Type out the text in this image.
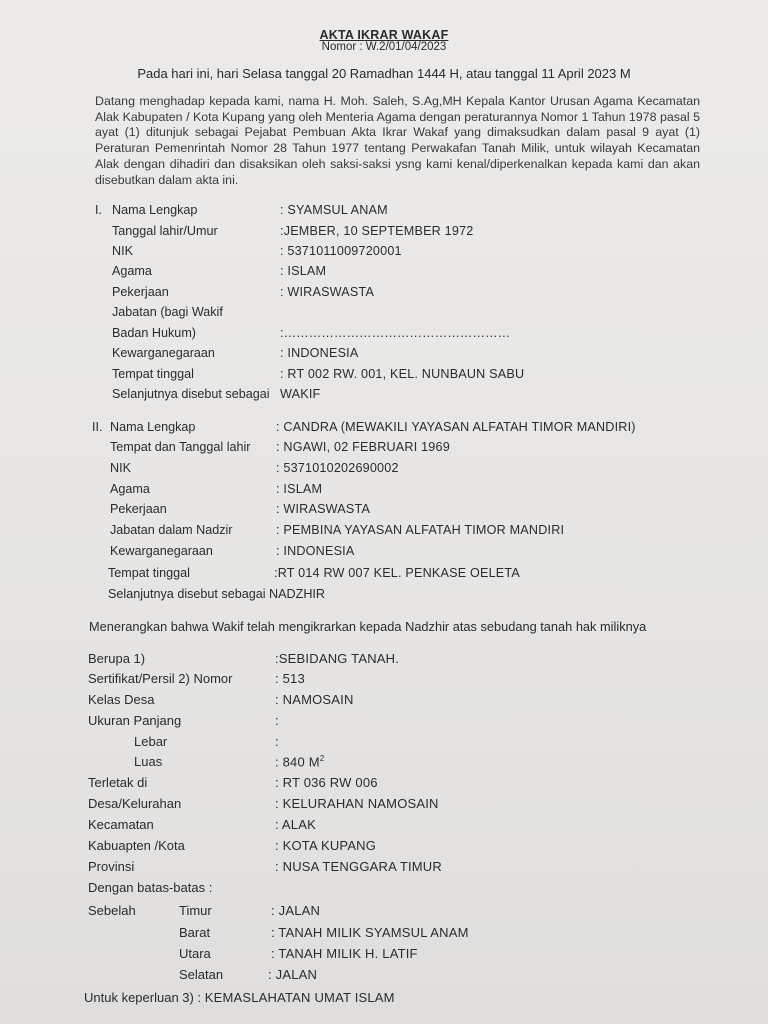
AKTA IKRAR WAKAF
Nomor : W.2/01/04/2023
Pada hari ini, hari Selasa tanggal 20 Ramadhan 1444 H, atau tanggal 11 April 2023 M
Datang menghadap kepada kami, nama H. Moh. Saleh, S.Ag,MH Kepala Kantor Urusan Agama Kecamatan Alak Kabupaten / Kota Kupang yang oleh Menteria Agama dengan peraturannya Nomor 1 Tahun 1978 pasal 5 ayat (1) ditunjuk sebagai Pejabat Pembuan Akta Ikrar Wakaf yang dimaksudkan dalam pasal 9 ayat (1) Peraturan Pemenrintah Nomor 28 Tahun 1977 tentang Perwakafan Tanah Milik, untuk wilayah Kecamatan Alak dengan dihadiri dan disaksikan oleh saksi-saksi ysng kami kenal/diperkenalkan kepada kami dan akan disebutkan dalam akta ini.
I. Nama Lengkap	: SYAMSUL ANAM
Tanggal lahir/Umur	:JEMBER, 10 SEPTEMBER 1972
NIK	: 5371011009720001
Agama	: ISLAM
Pekerjaan	: WIRASWASTA
Jabatan (bagi Wakif
Badan Hukum)	:………………………………………………
Kewarganegaraan	: INDONESIA
Tempat tinggal	: RT 002 RW. 001, KEL. NUNBAUN SABU
Selanjutnya disebut sebagai WAKIF
II. Nama Lengkap	: CANDRA (MEWAKILI YAYASAN ALFATAH TIMOR MANDIRI)
Tempat dan Tanggal lahir : NGAWI, 02 FEBRUARI 1969
NIK	: 5371010202690002
Agama	: ISLAM
Pekerjaan	: WIRASWASTA
Jabatan dalam Nadzir	: PEMBINA YAYASAN ALFATAH TIMOR MANDIRI
Kewarganegaraan	: INDONESIA
Tempat tinggal	:RT 014 RW 007 KEL. PENKASE OELETA
Selanjutnya disebut sebagai NADZHIR
Menerangkan bahwa Wakif telah mengikrarkan kepada Nadzhir atas sebudang tanah hak miliknya
Berupa 1)	:SEBIDANG TANAH.
Sertifikat/Persil 2) Nomor	: 513
Kelas Desa	: NAMOSAIN
Ukuran Panjang	:
Lebar	:
Luas	: 840 $M^2$
Terletak di	: RT 036 RW 006
Desa/Kelurahan	: KELURAHAN NAMOSAIN
Kecamatan	: ALAK
Kabuapten /Kota	: KOTA KUPANG
Provinsi	: NUSA TENGGARA TIMUR
Dengan batas-batas :
Sebelah	Timur	: JALAN
Barat	: TANAH MILIK SYAMSUL ANAM
Utara	: TANAH MILIK H. LATIF
Selatan	: JALAN
Untuk keperluan 3) : KEMASLAHATAN UMAT ISLAM
